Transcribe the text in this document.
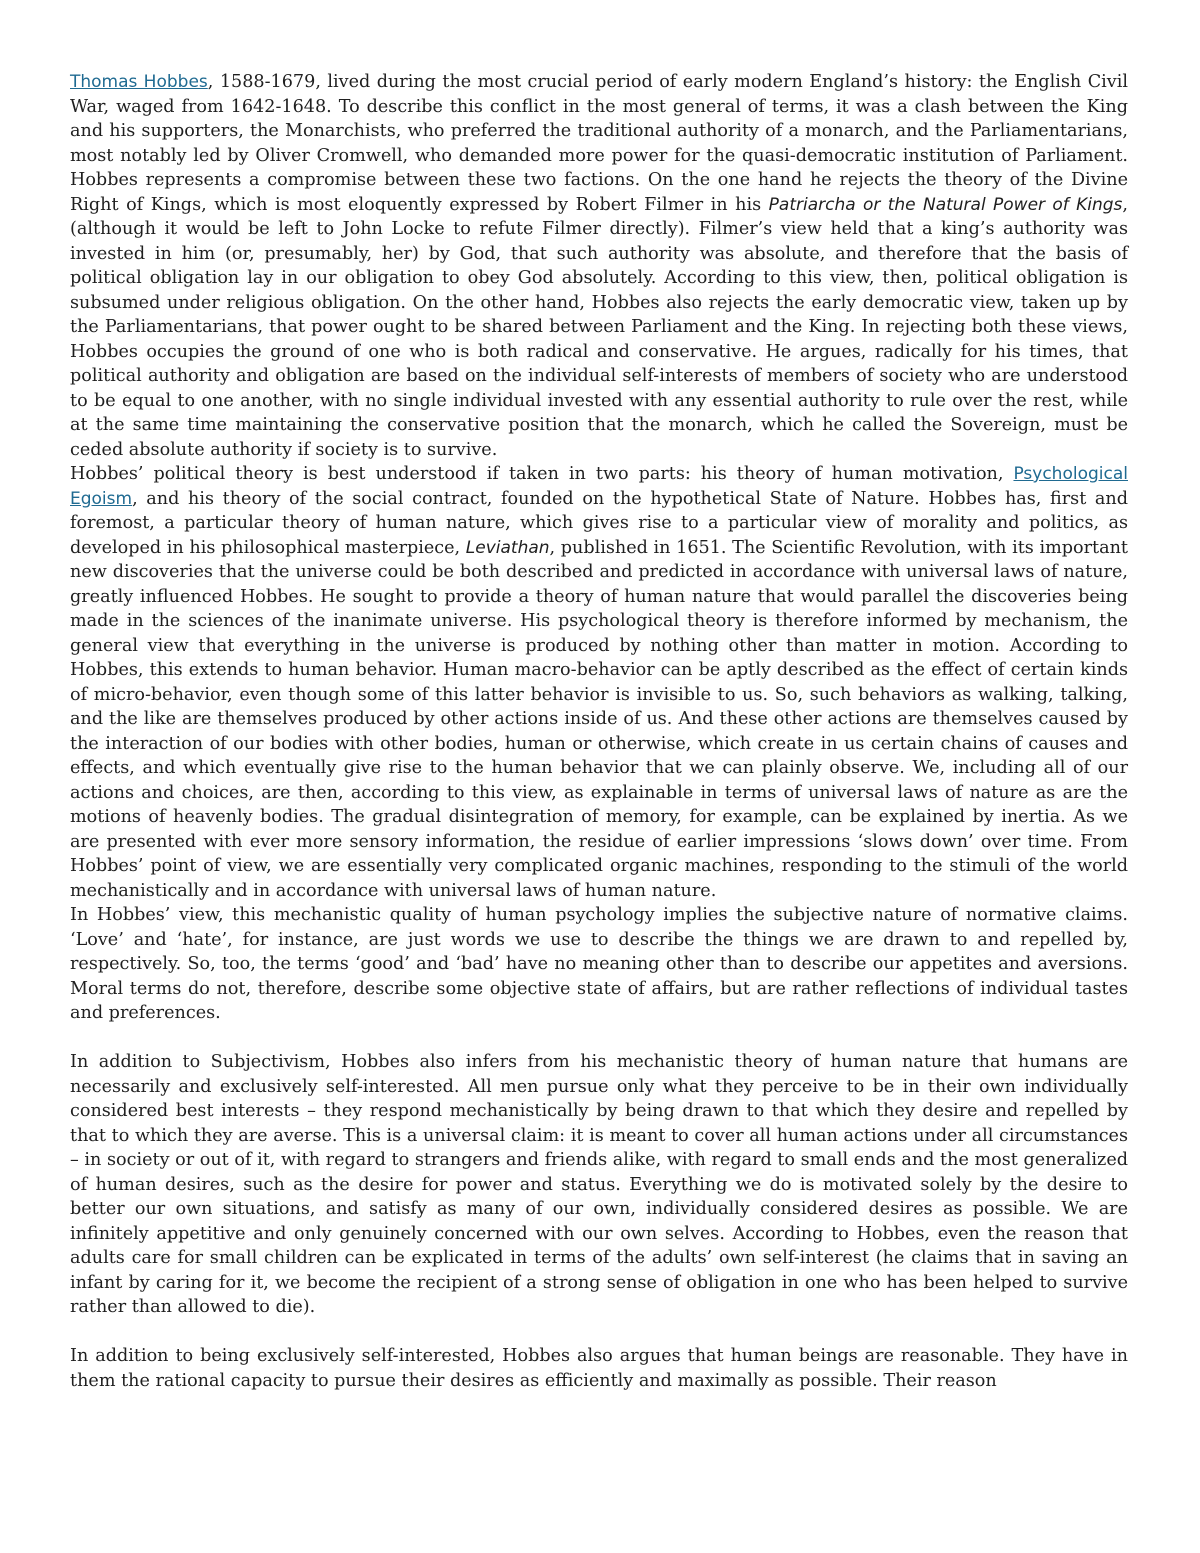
Thomas Hobbes, 1588-1679, lived during the most crucial period of early modern England’s history: the English Civil War, waged from 1642-1648. To describe this conflict in the most general of terms, it was a clash between the King and his supporters, the Monarchists, who preferred the traditional authority of a monarch, and the Parliamentarians, most notably led by Oliver Cromwell, who demanded more power for the quasi-democratic institution of Parliament. Hobbes represents a compromise between these two factions. On the one hand he rejects the theory of the Divine Right of Kings, which is most eloquently expressed by Robert Filmer in his Patriarcha or the Natural Power of Kings, (although it would be left to John Locke to refute Filmer directly). Filmer’s view held that a king’s authority was invested in him (or, presumably, her) by God, that such authority was absolute, and therefore that the basis of political obligation lay in our obligation to obey God absolutely. According to this view, then, political obligation is subsumed under religious obligation. On the other hand, Hobbes also rejects the early democratic view, taken up by the Parliamentarians, that power ought to be shared between Parliament and the King. In rejecting both these views, Hobbes occupies the ground of one who is both radical and conservative. He argues, radically for his times, that political authority and obligation are based on the individual self-interests of members of society who are understood to be equal to one another, with no single individual invested with any essential authority to rule over the rest, while at the same time maintaining the conservative position that the monarch, which he called the Sovereign, must be ceded absolute authority if society is to survive.

Hobbes’ political theory is best understood if taken in two parts: his theory of human motivation, Psychological Egoism, and his theory of the social contract, founded on the hypothetical State of Nature. Hobbes has, first and foremost, a particular theory of human nature, which gives rise to a particular view of morality and politics, as developed in his philosophical masterpiece, Leviathan, published in 1651. The Scientific Revolution, with its important new discoveries that the universe could be both described and predicted in accordance with universal laws of nature, greatly influenced Hobbes. He sought to provide a theory of human nature that would parallel the discoveries being made in the sciences of the inanimate universe. His psychological theory is therefore informed by mechanism, the general view that everything in the universe is produced by nothing other than matter in motion. According to Hobbes, this extends to human behavior. Human macro-behavior can be aptly described as the effect of certain kinds of micro-behavior, even though some of this latter behavior is invisible to us. So, such behaviors as walking, talking, and the like are themselves produced by other actions inside of us. And these other actions are themselves caused by the interaction of our bodies with other bodies, human or otherwise, which create in us certain chains of causes and effects, and which eventually give rise to the human behavior that we can plainly observe. We, including all of our actions and choices, are then, according to this view, as explainable in terms of universal laws of nature as are the motions of heavenly bodies. The gradual disintegration of memory, for example, can be explained by inertia. As we are presented with ever more sensory information, the residue of earlier impressions ‘slows down’ over time. From Hobbes’ point of view, we are essentially very complicated organic machines, responding to the stimuli of the world mechanistically and in accordance with universal laws of human nature.

In Hobbes’ view, this mechanistic quality of human psychology implies the subjective nature of normative claims. ‘Love’ and ‘hate’, for instance, are just words we use to describe the things we are drawn to and repelled by, respectively. So, too, the terms ‘good’ and ‘bad’ have no meaning other than to describe our appetites and aversions. Moral terms do not, therefore, describe some objective state of affairs, but are rather reflections of individual tastes and preferences.

In addition to Subjectivism, Hobbes also infers from his mechanistic theory of human nature that humans are necessarily and exclusively self-interested. All men pursue only what they perceive to be in their own individually considered best interests – they respond mechanistically by being drawn to that which they desire and repelled by that to which they are averse. This is a universal claim: it is meant to cover all human actions under all circumstances – in society or out of it, with regard to strangers and friends alike, with regard to small ends and the most generalized of human desires, such as the desire for power and status. Everything we do is motivated solely by the desire to better our own situations, and satisfy as many of our own, individually considered desires as possible. We are infinitely appetitive and only genuinely concerned with our own selves. According to Hobbes, even the reason that adults care for small children can be explicated in terms of the adults’ own self-interest (he claims that in saving an infant by caring for it, we become the recipient of a strong sense of obligation in one who has been helped to survive rather than allowed to die).

In addition to being exclusively self-interested, Hobbes also argues that human beings are reasonable. They have in them the rational capacity to pursue their desires as efficiently and maximally as possible. Their reason
